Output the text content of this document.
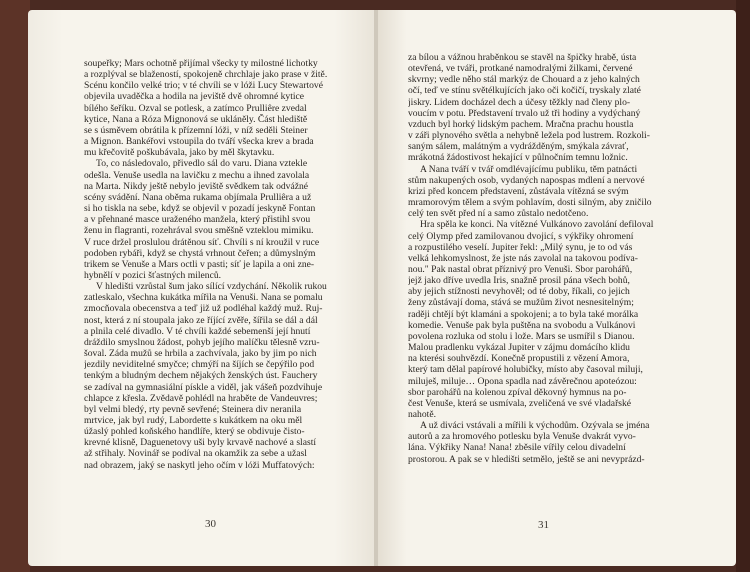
soupeřky; Mars ochotně přijímal všecky ty milostné lichotky
a rozplýval se blažeností, spokojeně chrchlaje jako prase v žitě.
Scénu končilo velké trio; v té chvíli se v lóži Lucy Stewartové
objevila uvaděčka a hodila na jeviště dvě ohromné kytice
bílého šeříku. Ozval se potlesk, a zatímco Prulliêre zvedal
kytice, Nana a Róza Mignonová se ukláněly. Část hlediště
se s úsměvem obrátila k přízemní lóži, v níž seděli Steiner
a Mignon. Bankéřovi vstoupila do tváří všecka krev a brada
mu křečovitě poškubávala, jako by měl škytavku.
To, co následovalo, přivedlo sál do varu. Diana vztekle
odešla. Venuše usedla na lavičku z mechu a ihned zavolala
na Marta. Nikdy ještě nebylo jeviště svědkem tak odvážné
scény svádění. Nana oběma rukama objímala Prulliêra a už
si ho tiskla na sebe, když se objevil v pozadí jeskyně Fontan
a v přehnané masce uraženého manžela, který přistihl svou
ženu in flagranti, rozehrával svou směšně vzteklou mimiku.
V ruce držel proslulou drátěnou síť. Chvíli s ní kroužil v ruce
podoben rybáři, když se chystá vrhnout čeřen; a důmyslným
trikem se Venuše a Mars octli v pasti; síť je lapila a oni zne-
hybnělí v pozici šťastných milenců.
V hledišti vzrůstal šum jako sílící vzdychání. Několik rukou
zatleskalo, všechna kukátka mířila na Venuši. Nana se pomalu
zmocňovala obecenstva a teď již už podléhal každý muž. Ruj-
nost, která z ní stoupala jako ze říjící zvěře, šířila se dál a dál
a plnila celé divadlo. V té chvíli každé sebemenší její hnutí
dráždilo smyslnou žádost, pohyb jejího malíčku tělesně vzru-
šoval. Záda mužů se hrbila a zachvívala, jako by jim po nich
jezdily neviditelné smyčce; chmýří na šíjích se čepýřilo pod
tenkým a bludným dechem nějakých ženských úst. Fauchery
se zadíval na gymnasiální pískle a viděl, jak vášeň pozdvihuje
chlapce z křesla. Zvědavě pohlédl na hraběte de Vandeuvres;
byl velmi bledý, rty pevně sevřené; Steinera div neranila
mrtvice, jak byl rudý, Labordette s kukátkem na oku měl
úžaslý pohled koňského handlíře, který se obdivuje čisto-
krevné klisně, Daguenetovy uši byly krvavě nachové a slastí
až střihaly. Novinář se podíval na okamžik za sebe a užasl
nad obrazem, jaký se naskytl jeho očím v lóži Muffatových:
30
za bílou a vážnou hraběnkou se stavěl na špičky hrabě, ústa
otevřená, ve tváři, protkané namodralými žilkami, červené
skvrny; vedle něho stál markýz de Chouard a z jeho kalných
očí, teď ve stínu světélkujících jako oči kočičí, tryskaly zlaté
jiskry. Lidem docházel dech a účesy těžkly nad členy plo-
voucím v potu. Představení trvalo už tři hodiny a vydýchaný
vzduch byl horký lidským pachem. Mračna prachu houstla
v záři plynového světla a nehybně ležela pod lustrem. Rozkoli-
saným sálem, malátným a vydrážděným, smýkala závrať,
mrákotná žádostivost hekající v půlnočním temnu ložnic.
A Nana tváří v tvář omdlévajícímu publiku, těm patnácti
stům nakupených osob, vydaných napospas mdlení a nervové
krizi před koncem představení, zůstávala vítězná se svým
mramorovým tělem a svým pohlavím, dosti silným, aby zničilo
celý ten svět před ní a samo zůstalo nedotčeno.
Hra spěla ke konci. Na vítězné Vulkánovo zavolání defiloval
celý Olymp před zamilovanou dvojicí, s výkřiky ohromení
a rozpustilého veselí. Jupiter řekl: „Milý synu, je to od vás
velká lehkomyslnost, že jste nás zavolal na takovou podíva-
nou." Pak nastal obrat příznivý pro Venuši. Sbor parohářů,
jejž jako dříve uvedla Iris, snažně prosil pána všech bohů,
aby jejich stížnosti nevyhověl; od té doby, říkali, co jejich
ženy zůstávají doma, stává se mužům život nesnesitelným;
raději chtějí být klamáni a spokojeni; a to byla také morálka
komedie. Venuše pak byla puštěna na svobodu a Vulkánovi
povolena rozluka od stolu i lože. Mars se usmířil s Dianou.
Malou pradlenku vykázal Jupiter v zájmu domácího klidu
na kterési souhvězdí. Konečně propustili z vězení Amora,
který tam dělal papírové holubičky, místo aby časoval miluji,
miluješ, miluje… Opona spadla nad závěrečnou apoteózou:
sbor parohářů na kolenou zpíval děkovný hymnus na po-
čest Venuše, která se usmívala, zveličená ve své vladařské
nahotě.
A už diváci vstávali a mířili k východům. Ozývala se jména
autorů a za hromového potlesku byla Venuše dvakrát vyvo-
lána. Výkřiky Nana! Nana! zběsile vířily celou divadelní
prostorou. A pak se v hledišti setmělo, ještě se ani nevyprázd-
31
